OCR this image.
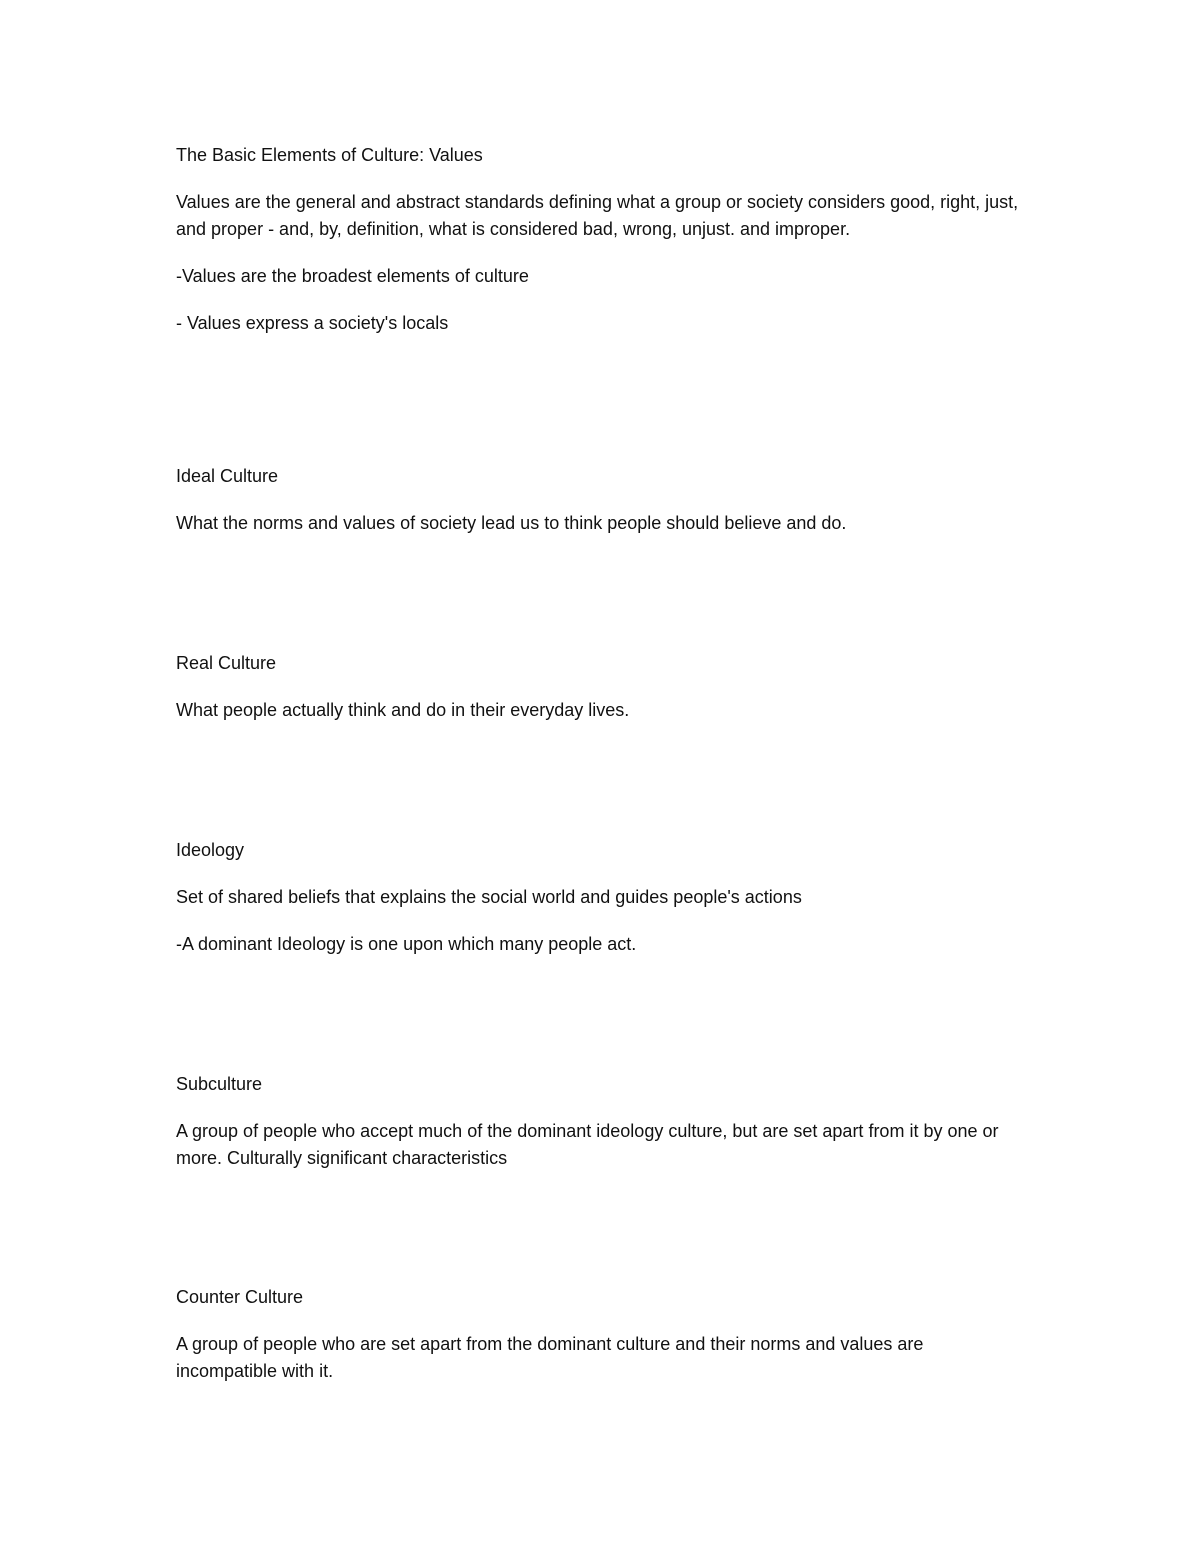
The Basic Elements of Culture: Values

Values are the general and abstract standards defining what a group or society considers good, right, just, and proper - and, by, definition, what is considered bad, wrong, unjust. and improper.

-Values are the broadest elements of culture

- Values express a society's locals

Ideal Culture

What the norms and values of society lead us to think people should believe and do.

Real Culture

What people actually think and do in their everyday lives.

Ideology

Set of shared beliefs that explains the social world and guides people's actions

-A dominant Ideology is one upon which many people act.

Subculture

A group of people who accept much of the dominant ideology culture, but are set apart from it by one or more. Culturally significant characteristics

Counter Culture

A group of people who are set apart from the dominant culture and their norms and values are incompatible with it.
